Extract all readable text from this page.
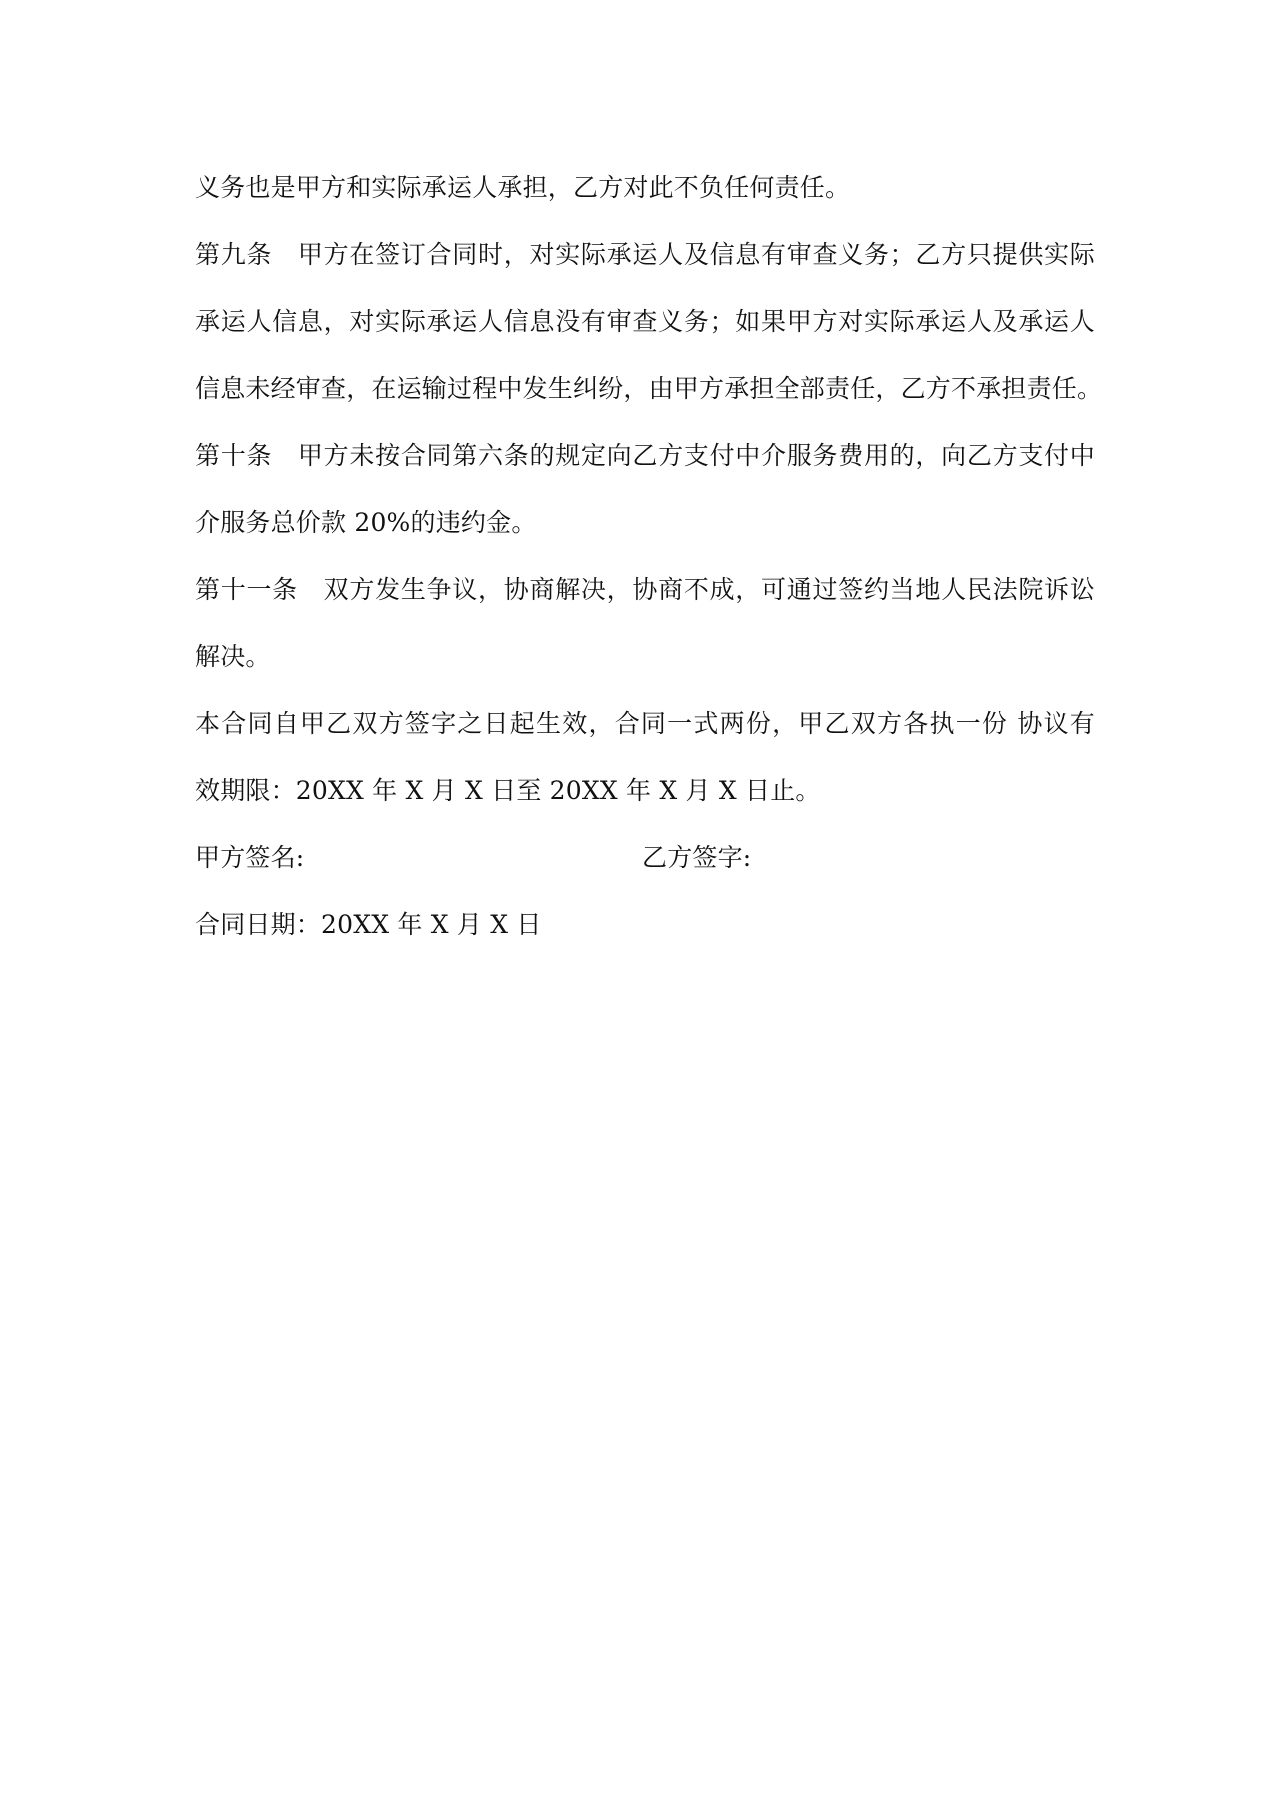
义务也是甲方和实际承运人承担，乙方对此不负任何责任。
第九条　甲方在签订合同时，对实际承运人及信息有审查义务；乙方只提供实际
承运人信息，对实际承运人信息没有审查义务；如果甲方对实际承运人及承运人
信息未经审查，在运输过程中发生纠纷，由甲方承担全部责任，乙方不承担责任。
第十条　甲方未按合同第六条的规定向乙方支付中介服务费用的，向乙方支付中
介服务总价款 20%的违约金。
第十一条　双方发生争议，协商解决，协商不成，可通过签约当地人民法院诉讼
解决。
本合同自甲乙双方签字之日起生效，合同一式两份，甲乙双方各执一份 协议有
效期限：20XX 年 X 月 X 日至 20XX 年 X 月 X 日止。
甲方签名:	乙方签字:
合同日期：20XX 年 X 月 X 日
